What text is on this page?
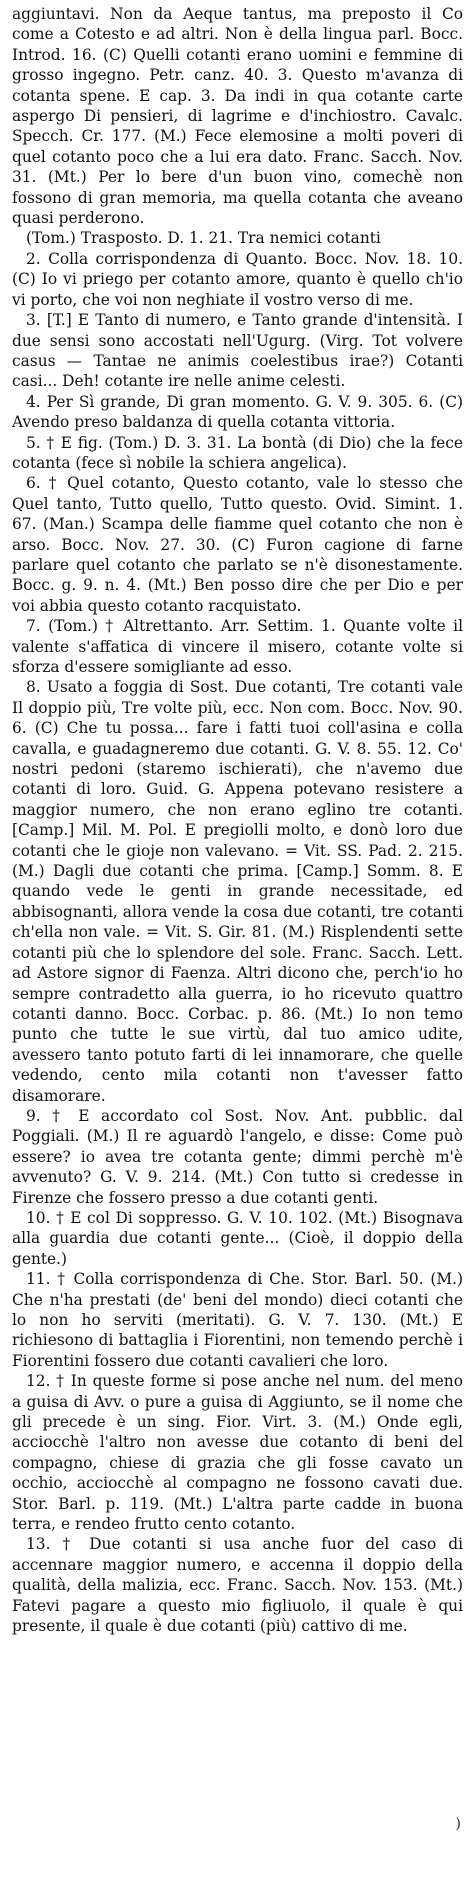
aggiuntavi. Non da Aeque tantus, ma preposto il Co come a Cotesto e ad altri. Non è della lingua parl. Bocc. Introd. 16. (C) Quelli cotanti erano uomini e femmine di grosso ingegno. Petr. canz. 40. 3. Questo m'avanza di cotanta spene. E cap. 3. Da indi in qua cotante carte aspergo Di pensieri, di lagrime e d'inchiostro. Cavalc. Specch. Cr. 177. (M.) Fece elemosine a molti poveri di quel cotanto poco che a lui era dato. Franc. Sacch. Nov. 31. (Mt.) Per lo bere d'un buon vino, comechè non fossono di gran memoria, ma quella cotanta che aveano quasi perderono.

(Tom.) Trasposto. D. 1. 21. Tra nemici cotanti

2. Colla corrispondenza di Quanto. Bocc. Nov. 18. 10. (C) Io vi priego per cotanto amore, quanto è quello ch'io vi porto, che voi non neghiate il vostro verso di me.

3. [T.] E Tanto di numero, e Tanto grande d'intensità. I due sensi sono accostati nell'Ugurg. (Virg. Tot volvere casus — Tantae ne animis coelestibus irae?) Cotanti casi... Deh! cotante ire nelle anime celesti.

4. Per Sì grande, Di gran momento. G. V. 9. 305. 6. (C) Avendo preso baldanza di quella cotanta vittoria.

5. † E fig. (Tom.) D. 3. 31. La bontà (di Dio) che la fece cotanta (fece sì nobile la schiera angelica).

6. † Quel cotanto, Questo cotanto, vale lo stesso che Quel tanto, Tutto quello, Tutto questo. Ovid. Simint. 1. 67. (Man.) Scampa delle fiamme quel cotanto che non è arso. Bocc. Nov. 27. 30. (C) Furon cagione di farne parlare quel cotanto che parlato se n'è disonestamente. Bocc. g. 9. n. 4. (Mt.) Ben posso dire che per Dio e per voi abbia questo cotanto racquistato.

7. (Tom.) † Altrettanto. Arr. Settim. 1. Quante volte il valente s'affatica di vincere il misero, cotante volte si sforza d'essere somigliante ad esso.

8. Usato a foggia di Sost. Due cotanti, Tre cotanti vale Il doppio più, Tre volte più, ecc. Non com. Bocc. Nov. 90. 6. (C) Che tu possa... fare i fatti tuoi coll'asina e colla cavalla, e guadagneremo due cotanti. G. V. 8. 55. 12. Co' nostri pedoni (staremo ischierati), che n'avemo due cotanti di loro. Guid. G. Appena potevano resistere a maggior numero, che non erano eglino tre cotanti. [Camp.] Mil. M. Pol. E pregiolli molto, e donò loro due cotanti che le gioje non valevano. = Vit. SS. Pad. 2. 215. (M.) Dagli due cotanti che prima. [Camp.] Somm. 8. E quando vede le genti in grande necessitade, ed abbisognanti, allora vende la cosa due cotanti, tre cotanti ch'ella non vale. = Vit. S. Gir. 81. (M.) Risplendenti sette cotanti più che lo splendore del sole. Franc. Sacch. Lett. ad Astore signor di Faenza. Altri dicono che, perch'io ho sempre contradetto alla guerra, io ho ricevuto quattro cotanti danno. Bocc. Corbac. p. 86. (Mt.) Io non temo punto che tutte le sue virtù, dal tuo amico udite, avessero tanto potuto farti di lei innamorare, che quelle vedendo, cento mila cotanti non t'avesser fatto disamorare.

9. † E accordato col Sost. Nov. Ant. pubblic. dal Poggiali. (M.) Il re aguardò l'angelo, e disse: Come può essere? io avea tre cotanta gente; dimmi perchè m'è avvenuto? G. V. 9. 214. (Mt.) Con tutto si credesse in Firenze che fossero presso a due cotanti genti.

10. † E col Di soppresso. G. V. 10. 102. (Mt.) Bisognava alla guardia due cotanti gente... (Cioè, il doppio della gente.)

11. † Colla corrispondenza di Che. Stor. Barl. 50. (M.) Che n'ha prestati (de' beni del mondo) dieci cotanti che lo non ho serviti (meritati). G. V. 7. 130. (Mt.) E richiesono di battaglia i Fiorentini, non temendo perchè i Fiorentini fossero due cotanti cavalieri che loro.

12. † In queste forme si pose anche nel num. del meno a guisa di Avv. o pure a guisa di Aggiunto, se il nome che gli precede è un sing. Fior. Virt. 3. (M.) Onde egli, acciocchè l'altro non avesse due cotanto di beni del compagno, chiese di grazia che gli fosse cavato un occhio, acciocchè al compagno ne fossono cavati due. Stor. Barl. p. 119. (Mt.) L'altra parte cadde in buona terra, e rendeo frutto cento cotanto.

13. † Due cotanti si usa anche fuor del caso di accennare maggior numero, e accenna il doppio della qualità, della malizia, ecc. Franc. Sacch. Nov. 153. (Mt.) Fatevi pagare a questo mio figliuolo, il quale è qui presente, il quale è due cotanti (più) cattivo di me.

)
